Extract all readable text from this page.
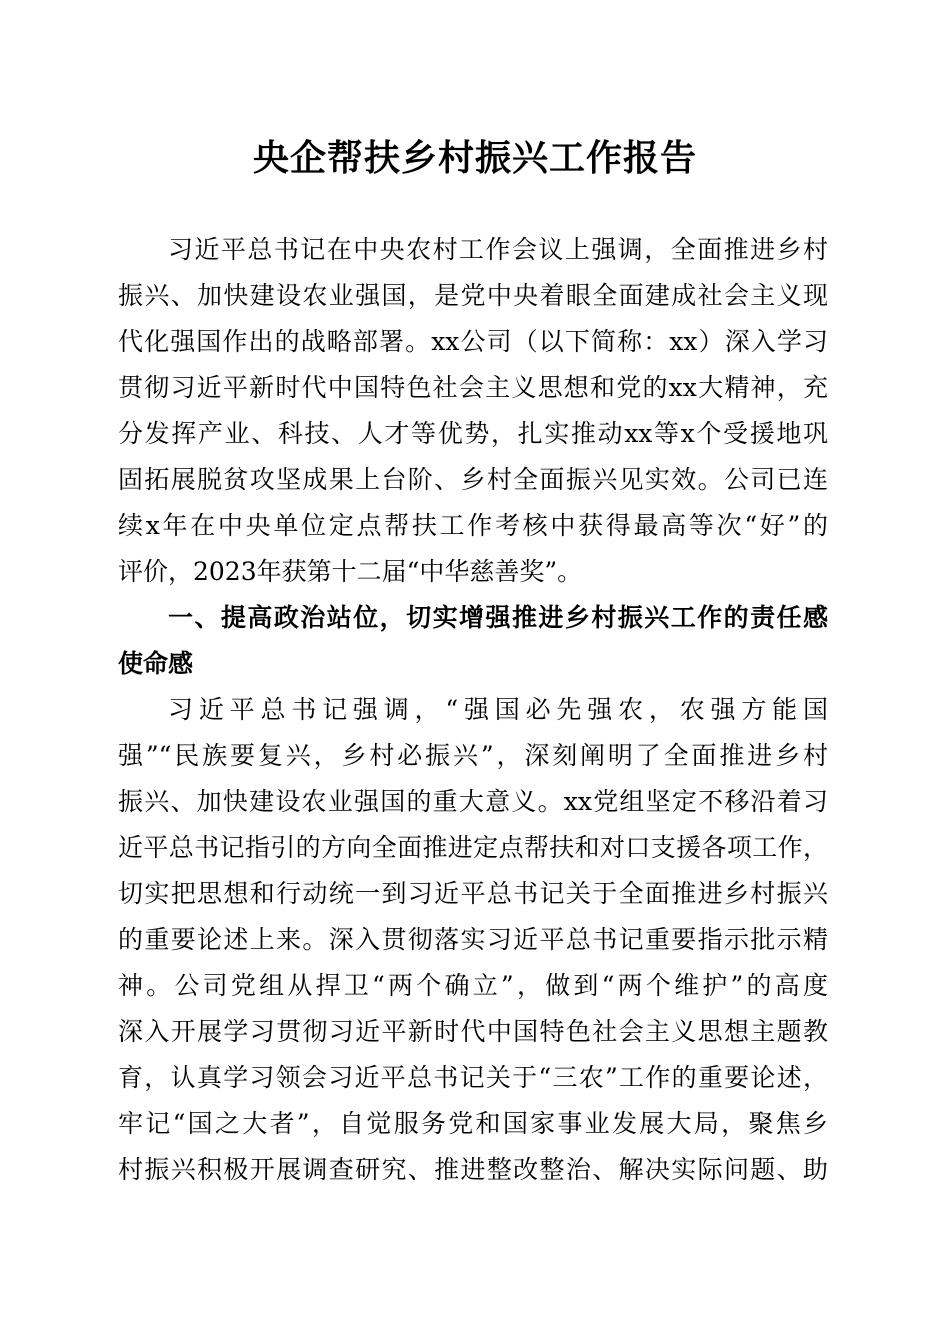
央企帮扶乡村振兴工作报告
习近平总书记在中央农村工作会议上强调，全面推进乡村
振兴、加快建设农业强国，是党中央着眼全面建成社会主义现
代化强国作出的战略部署。xx公司（以下简称：xx）深入学习
贯彻习近平新时代中国特色社会主义思想和党的xx大精神，充
分发挥产业、科技、人才等优势，扎实推动xx等x个受援地巩
固拓展脱贫攻坚成果上台阶、乡村全面振兴见实效。公司已连
续x年在中央单位定点帮扶工作考核中获得最高等次“好”的
评价，2023年获第十二届“中华慈善奖”。
一、提高政治站位，切实增强推进乡村振兴工作的责任感
使命感
习近平总书记强调，“强国必先强农，农强方能国
强”“民族要复兴，乡村必振兴”，深刻阐明了全面推进乡村
振兴、加快建设农业强国的重大意义。xx党组坚定不移沿着习
近平总书记指引的方向全面推进定点帮扶和对口支援各项工作，
切实把思想和行动统一到习近平总书记关于全面推进乡村振兴
的重要论述上来。深入贯彻落实习近平总书记重要指示批示精
神。公司党组从捍卫“两个确立”，做到“两个维护”的高度
深入开展学习贯彻习近平新时代中国特色社会主义思想主题教
育，认真学习领会习近平总书记关于“三农”工作的重要论述，
牢记“国之大者”，自觉服务党和国家事业发展大局，聚焦乡
村振兴积极开展调查研究、推进整改整治、解决实际问题、助
